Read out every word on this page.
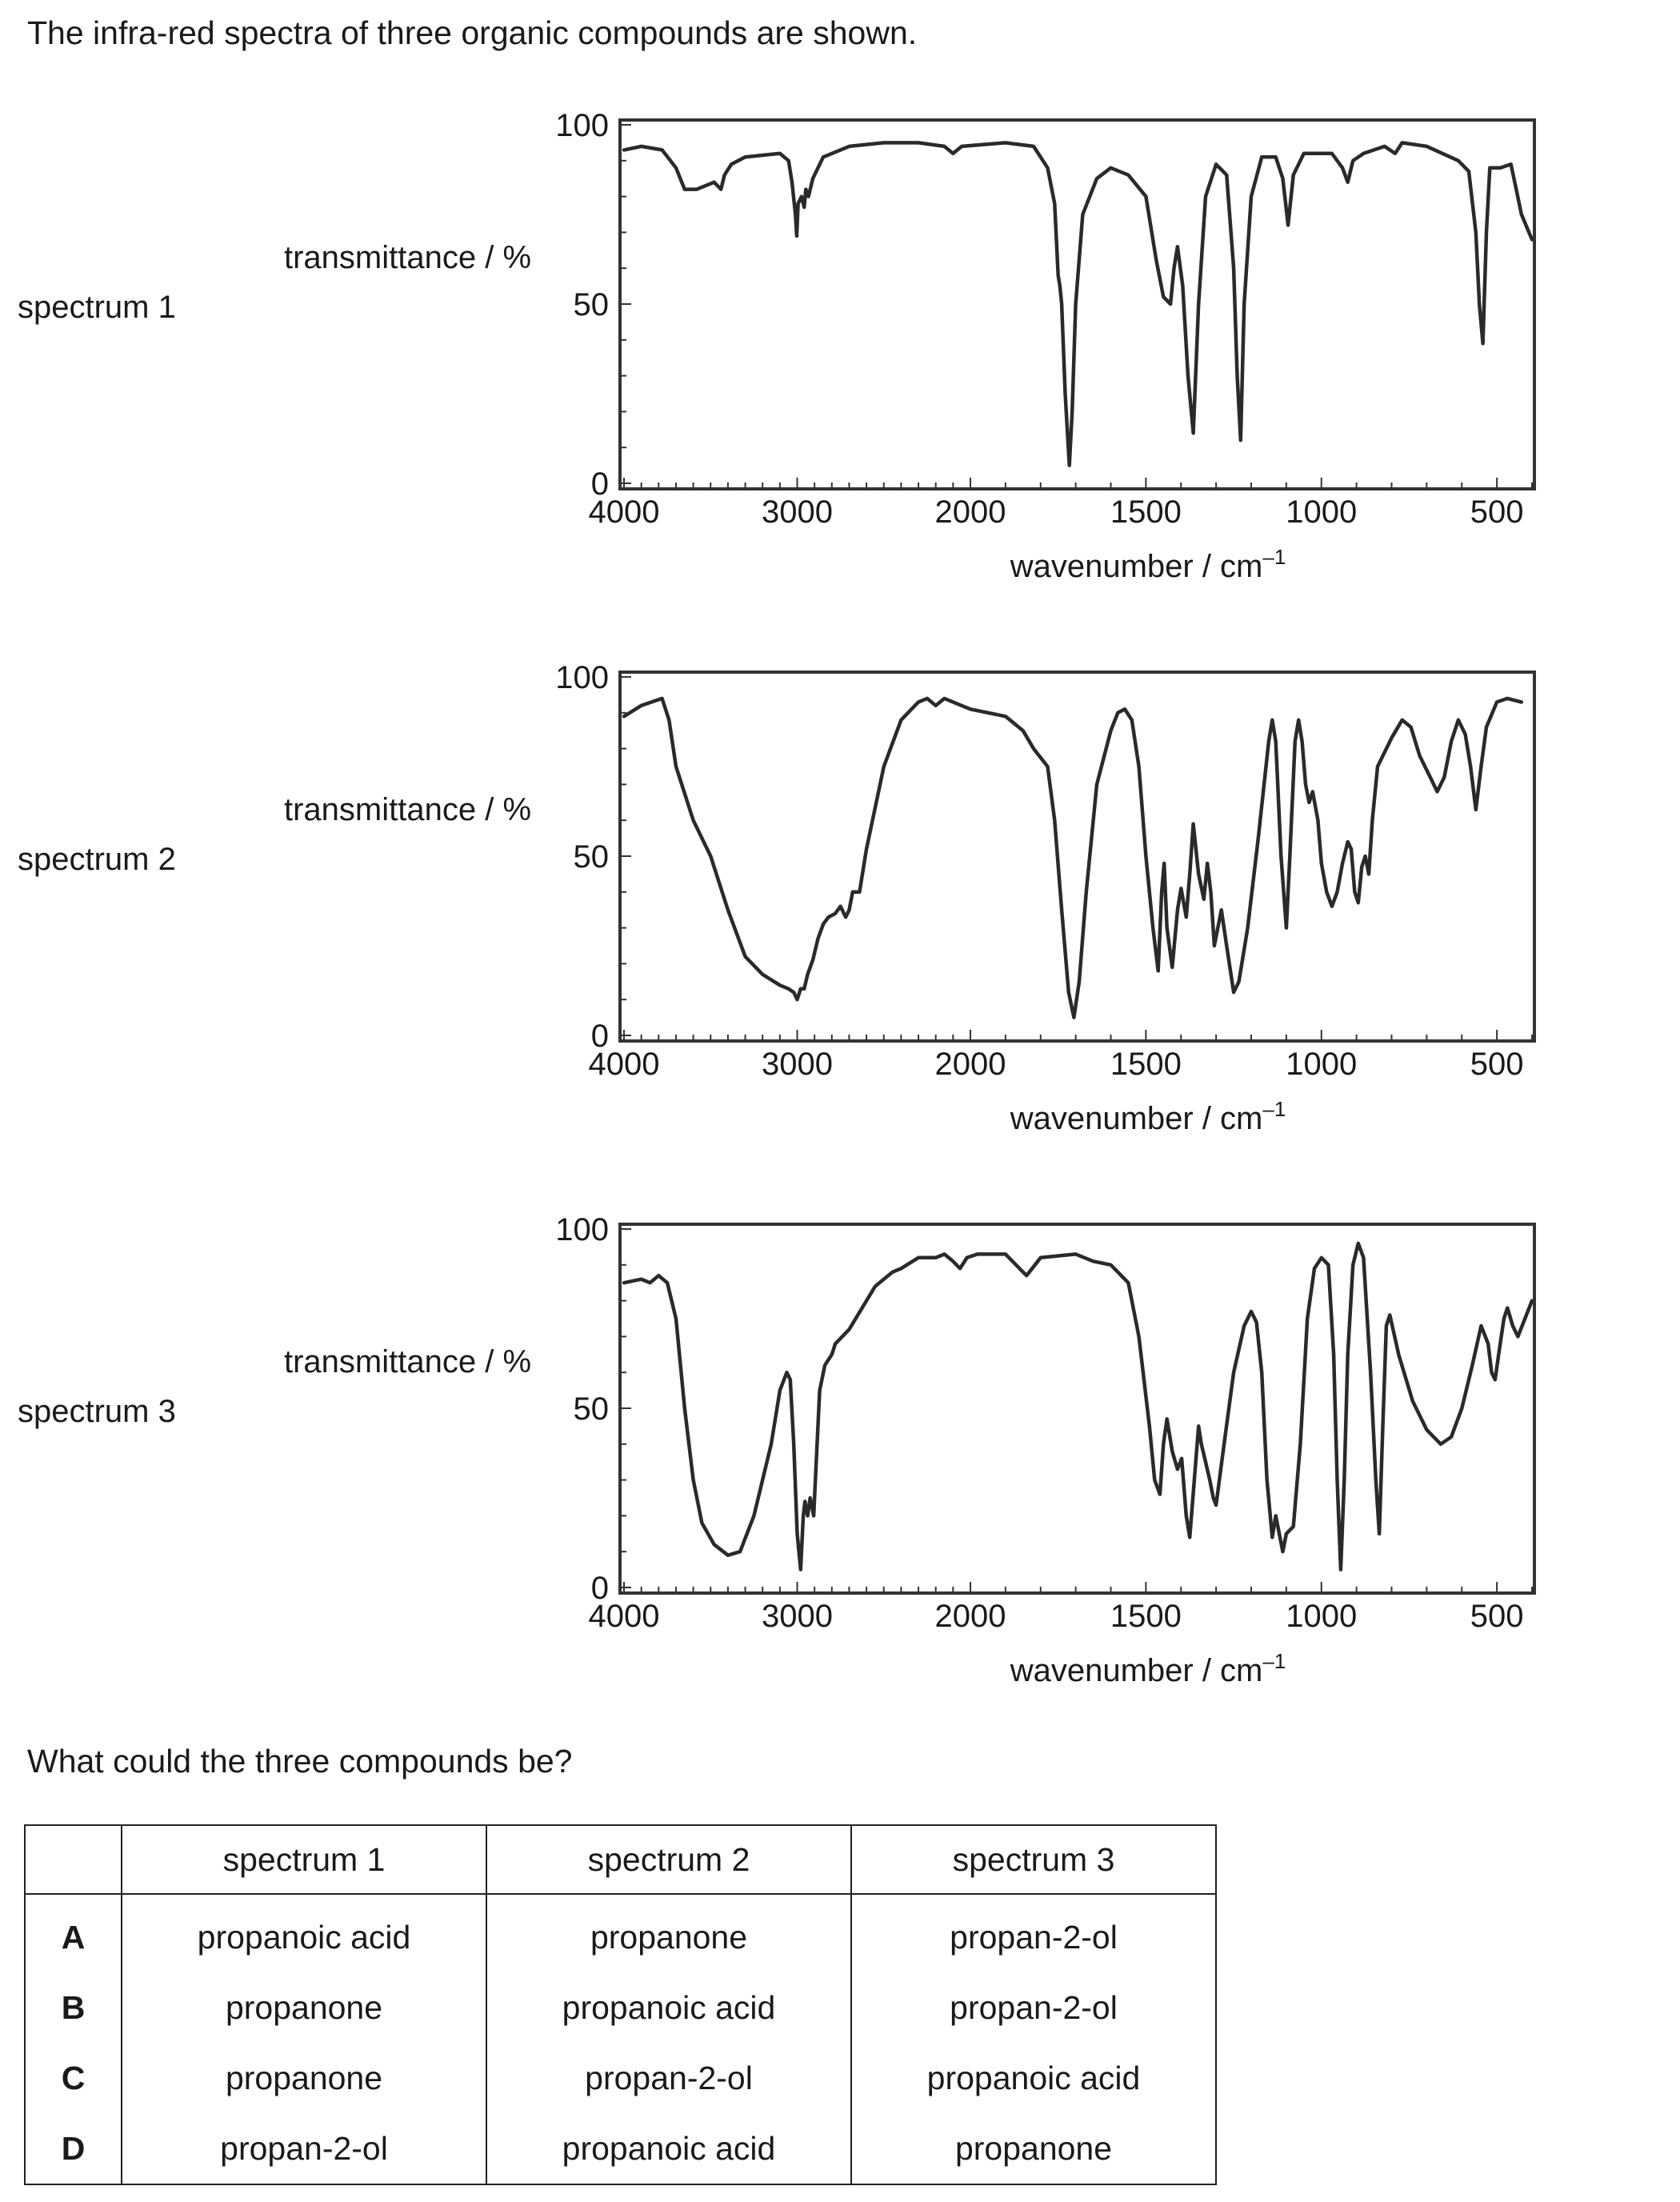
The infra-red spectra of three organic compounds are shown.
spectrum 1
100
50
0
4000	3000	2000	1500	1000	500
transmittance / %
wavenumber / $cm^{-1}$
spectrum 2
100
50
0
4000	3000	2000	1500	1000	500
transmittance / %
wavenumber / $cm^{-1}$
spectrum 3
100
50
0
4000	3000	2000	1500	1000	500
transmittance / %
wavenumber / $cm^{-1}$
What could the three compounds be?
	spectrum 1	spectrum 2	spectrum 3
A	propanoic acid	propanone	propan-2-ol
B	propanone	propanoic acid	propan-2-ol
C	propanone	propan-2-ol	propanoic acid
D	propan-2-ol	propanoic acid	propanone
